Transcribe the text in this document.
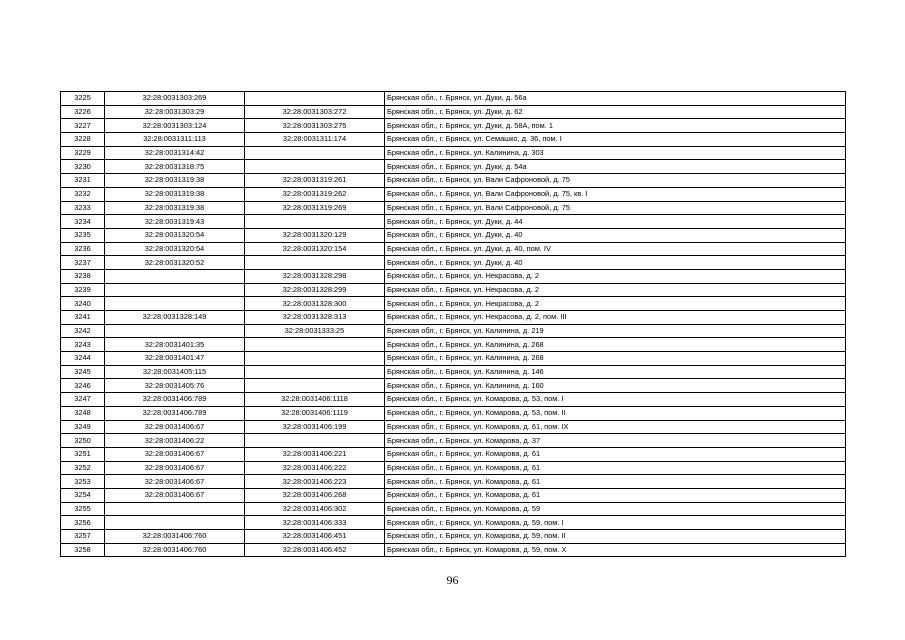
3225	32:28:0031303:269		Брянская обл., г. Брянск, ул. Дуки, д. 56а
3226	32:28:0031303:29	32:28:0031303:272	Брянская обл., г. Брянск, ул. Дуки, д. 62
3227	32:28:0031303:124	32:28:0031303:275	Брянская обл., г. Брянск, ул. Дуки, д. 58А, пом. 1
3228	32:28:0031311:113	32:28:0031311:174	Брянская обл., г. Брянск, ул. Семашко, д. 36, пом. I
3229	32:28:0031314:42		Брянская обл., г. Брянск, ул. Калинина, д. 303
3230	32:28:0031318:75		Брянская обл., г. Брянск, ул. Дуки, д. 54а
3231	32:28:0031319:38	32:28:0031319:261	Брянская обл., г. Брянск, ул. Вали Сафроновой, д. 75
3232	32:28:0031319:38	32:28:0031319:262	Брянская обл., г. Брянск, ул. Вали Сафроновой, д. 75, кв. I
3233	32:28:0031319:38	32:28:0031319:269	Брянская обл., г. Брянск, ул. Вали Сафроновой, д. 75
3234	32:28:0031319:43		Брянская обл., г. Брянск, ул. Дуки, д. 44
3235	32:28:0031320:54	32:28:0031320:129	Брянская обл., г. Брянск, ул. Дуки, д. 40
3236	32:28:0031320:54	32:28:0031320:154	Брянская обл., г. Брянск, ул. Дуки, д. 40, пом. IV
3237	32:28:0031320:52		Брянская обл., г. Брянск, ул. Дуки, д. 40
3238		32:28:0031328:298	Брянская обл., г. Брянск, ул. Некрасова, д. 2
3239		32:28:0031328:299	Брянская обл., г. Брянск, ул. Некрасова, д. 2
3240		32:28:0031328:300	Брянская обл., г. Брянск, ул. Некрасова, д. 2
3241	32:28:0031328:149	32:28:0031328:313	Брянская обл., г. Брянск, ул. Некрасова, д. 2, пом. III
3242		32:28:0031333:25	Брянская обл., г. Брянск, ул. Калинина, д. 219
3243	32:28:0031401:35		Брянская обл., г. Брянск, ул. Калинина, д. 268
3244	32:28:0031401:47		Брянская обл., г. Брянск, ул. Калинина, д. 268
3245	32:28:0031405:115		Брянская обл., г. Брянск, ул. Калинина, д. 146
3246	32:28:0031405:76		Брянская обл., г. Брянск, ул. Калинина, д. 160
3247	32:28:0031406:789	32:28:0031406:1118	Брянская обл., г. Брянск, ул. Комарова, д. 53, пом. I
3248	32:28:0031406:789	32:28:0031406:1119	Брянская обл., г. Брянск, ул. Комарова, д. 53, пом. II
3249	32:28:0031406:67	32:28:0031406:199	Брянская обл., г. Брянск, ул. Комарова, д. 61, пом. IX
3250	32:28:0031406:22		Брянская обл., г. Брянск, ул. Комарова, д. 37
3251	32:28:0031406:67	32:28:0031406:221	Брянская обл., г. Брянск, ул. Комарова, д. 61
3252	32:28:0031406:67	32:28:0031406:222	Брянская обл., г. Брянск, ул. Комарова, д. 61
3253	32:28:0031406:67	32:28:0031406:223	Брянская обл., г. Брянск, ул. Комарова, д. 61
3254	32:28:0031406:67	32:28:0031406:268	Брянская обл., г. Брянск, ул. Комарова, д. 61
3255		32:28:0031406:302	Брянская обл., г. Брянск, ул. Комарова, д. 59
3256		32:28:0031406:333	Брянская обл., г. Брянск, ул. Комарова, д. 59, пом. I
3257	32:28:0031406:760	32:28:0031406:451	Брянская обл., г. Брянск, ул. Комарова, д. 59, пом. II
3258	32:28:0031406:760	32:28:0031406:452	Брянская обл., г. Брянск, ул. Комарова, д. 59, пом. X
96
